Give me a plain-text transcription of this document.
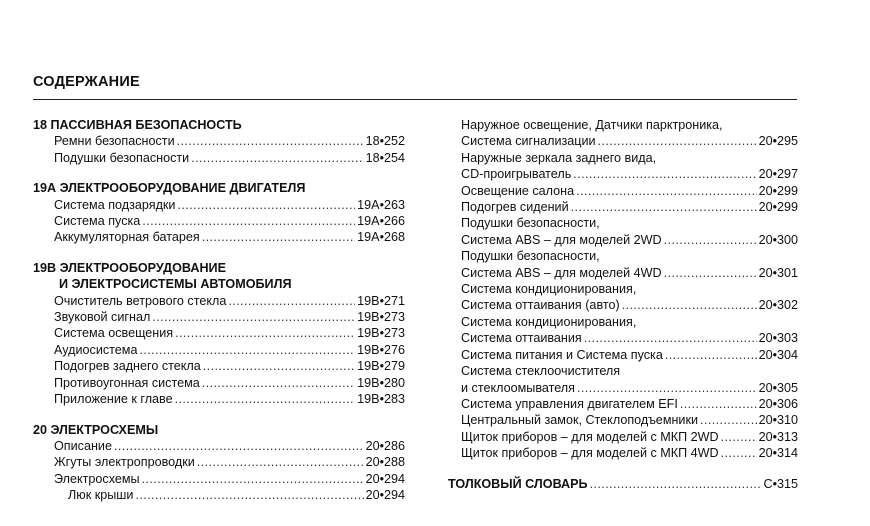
СОДЕРЖАНИЕ
18 ПАССИВНАЯ БЕЗОПАСНОСТЬ
Ремни безопасности .....	18•252
Подушки безопасности .....	18•254
19А ЭЛЕКТРООБОРУДОВАНИЕ ДВИГАТЕЛЯ
Система подзарядки .....	19А•263
Система пуска .....	19А•266
Аккумуляторная батарея .....	19А•268
19В ЭЛЕКТРООБОРУДОВАНИЕ
И ЭЛЕКТРОСИСТЕМЫ АВТОМОБИЛЯ
Очиститель ветрового стекла .....	19В•271
Звуковой сигнал .....	19В•273
Система освещения .....	19В•273
Аудиосистема .....	19В•276
Подогрев заднего стекла .....	19В•279
Противоугонная система .....	19В•280
Приложение к главе .....	19В•283
20 ЭЛЕКТРОСХЕМЫ
Описание .....	20•286
Жгуты электропроводки .....	20•288
Электросхемы .....	20•294
Люк крыши .....	20•294
Наружное освещение, Датчики парктроника,
Система сигнализации .....	20•295
Наружные зеркала заднего вида,
CD-проигрыватель .....	20•297
Освещение салона .....	20•299
Подогрев сидений .....	20•299
Подушки безопасности,
Система ABS – для моделей 2WD .....	20•300
Подушки безопасности,
Система ABS – для моделей 4WD .....	20•301
Система кондиционирования,
Система оттаивания (авто) .....	20•302
Система кондиционирования,
Система оттаивания .....	20•303
Система питания и Система пуска .....	20•304
Система стеклоочистителя
и стеклоомывателя .....	20•305
Система управления двигателем EFI .....	20•306
Центральный замок, Стеклоподъемники .....	20•310
Щиток приборов – для моделей с МКП 2WD .....	20•313
Щиток приборов – для моделей с МКП 4WD .....	20•314
ТОЛКОВЫЙ СЛОВАРЬ .....	С•315
